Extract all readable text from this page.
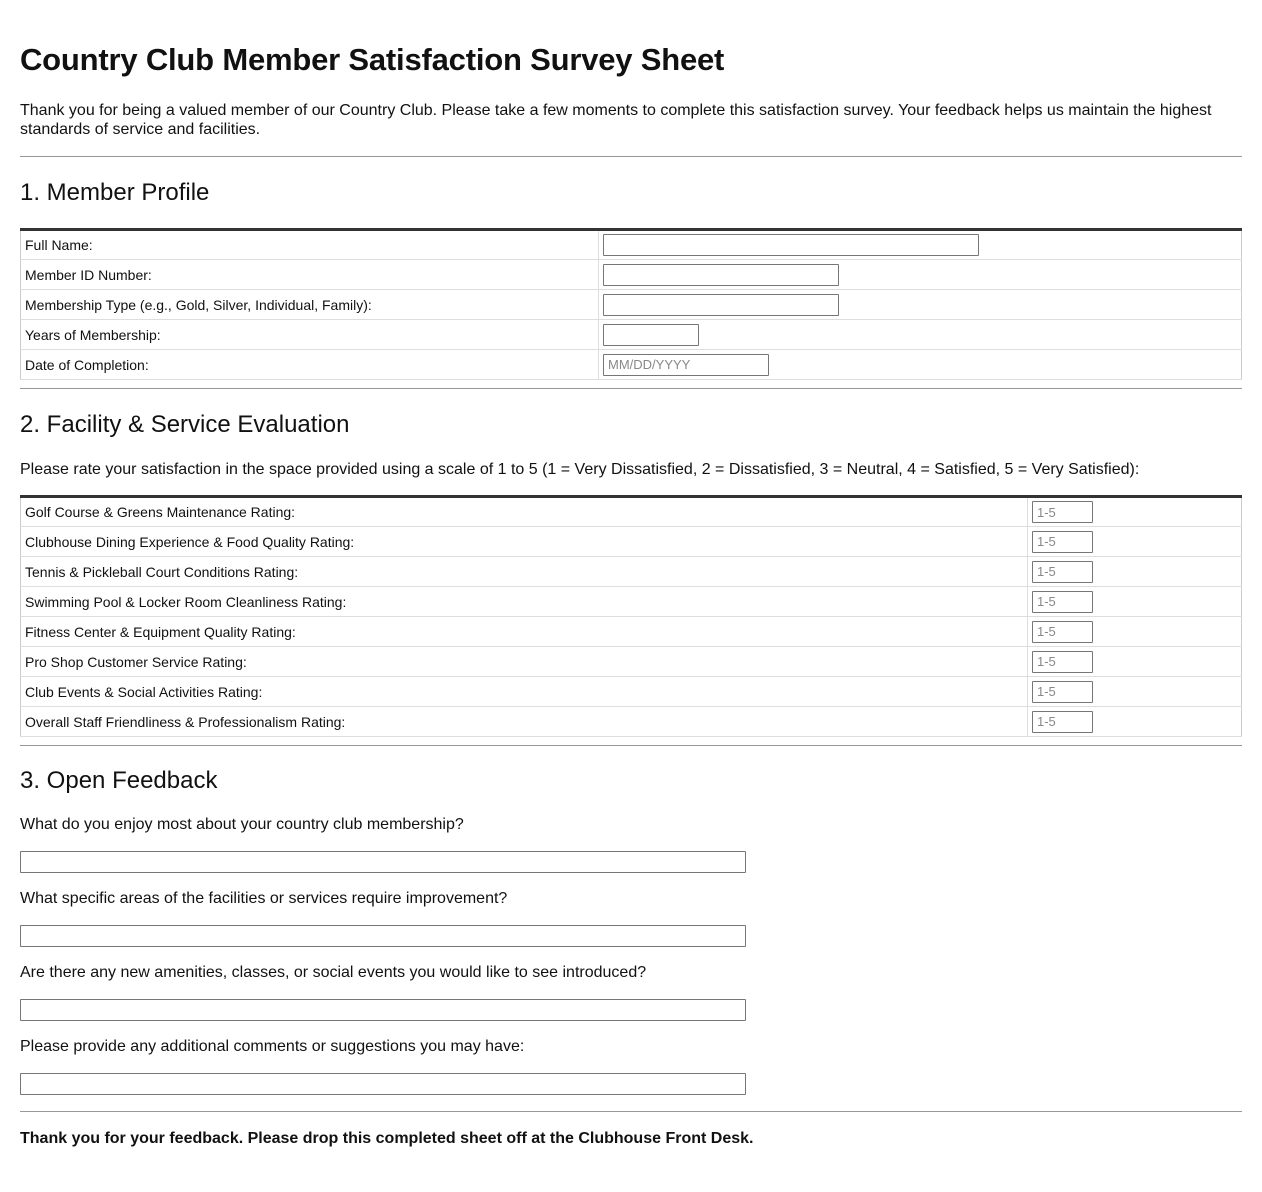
Country Club Member Satisfaction Survey Sheet

Thank you for being a valued member of our Country Club. Please take a few moments to complete this satisfaction survey. Your feedback helps us maintain the highest standards of service and facilities.

1. Member Profile
Full Name:	

Member ID Number:	

Membership Type (e.g., Gold, Silver, Individual, Family):	

Years of Membership:	

Date of Completion:	
MM/DD/YYYY
2. Facility & Service Evaluation

Please rate your satisfaction in the space provided using a scale of 1 to 5 (1 = Very Dissatisfied, 2 = Dissatisfied, 3 = Neutral, 4 = Satisfied, 5 = Very Satisfied):

Golf Course & Greens Maintenance Rating:	
1-5
Clubhouse Dining Experience & Food Quality Rating:	
1-5
Tennis & Pickleball Court Conditions Rating:	
1-5
Swimming Pool & Locker Room Cleanliness Rating:	
1-5
Fitness Center & Equipment Quality Rating:	
1-5
Pro Shop Customer Service Rating:	
1-5
Club Events & Social Activities Rating:	
1-5
Overall Staff Friendliness & Professionalism Rating:	
1-5
3. Open Feedback

What do you enjoy most about your country club membership?

What specific areas of the facilities or services require improvement?

Are there any new amenities, classes, or social events you would like to see introduced?

Please provide any additional comments or suggestions you may have:

Thank you for your feedback. Please drop this completed sheet off at the Clubhouse Front Desk.
